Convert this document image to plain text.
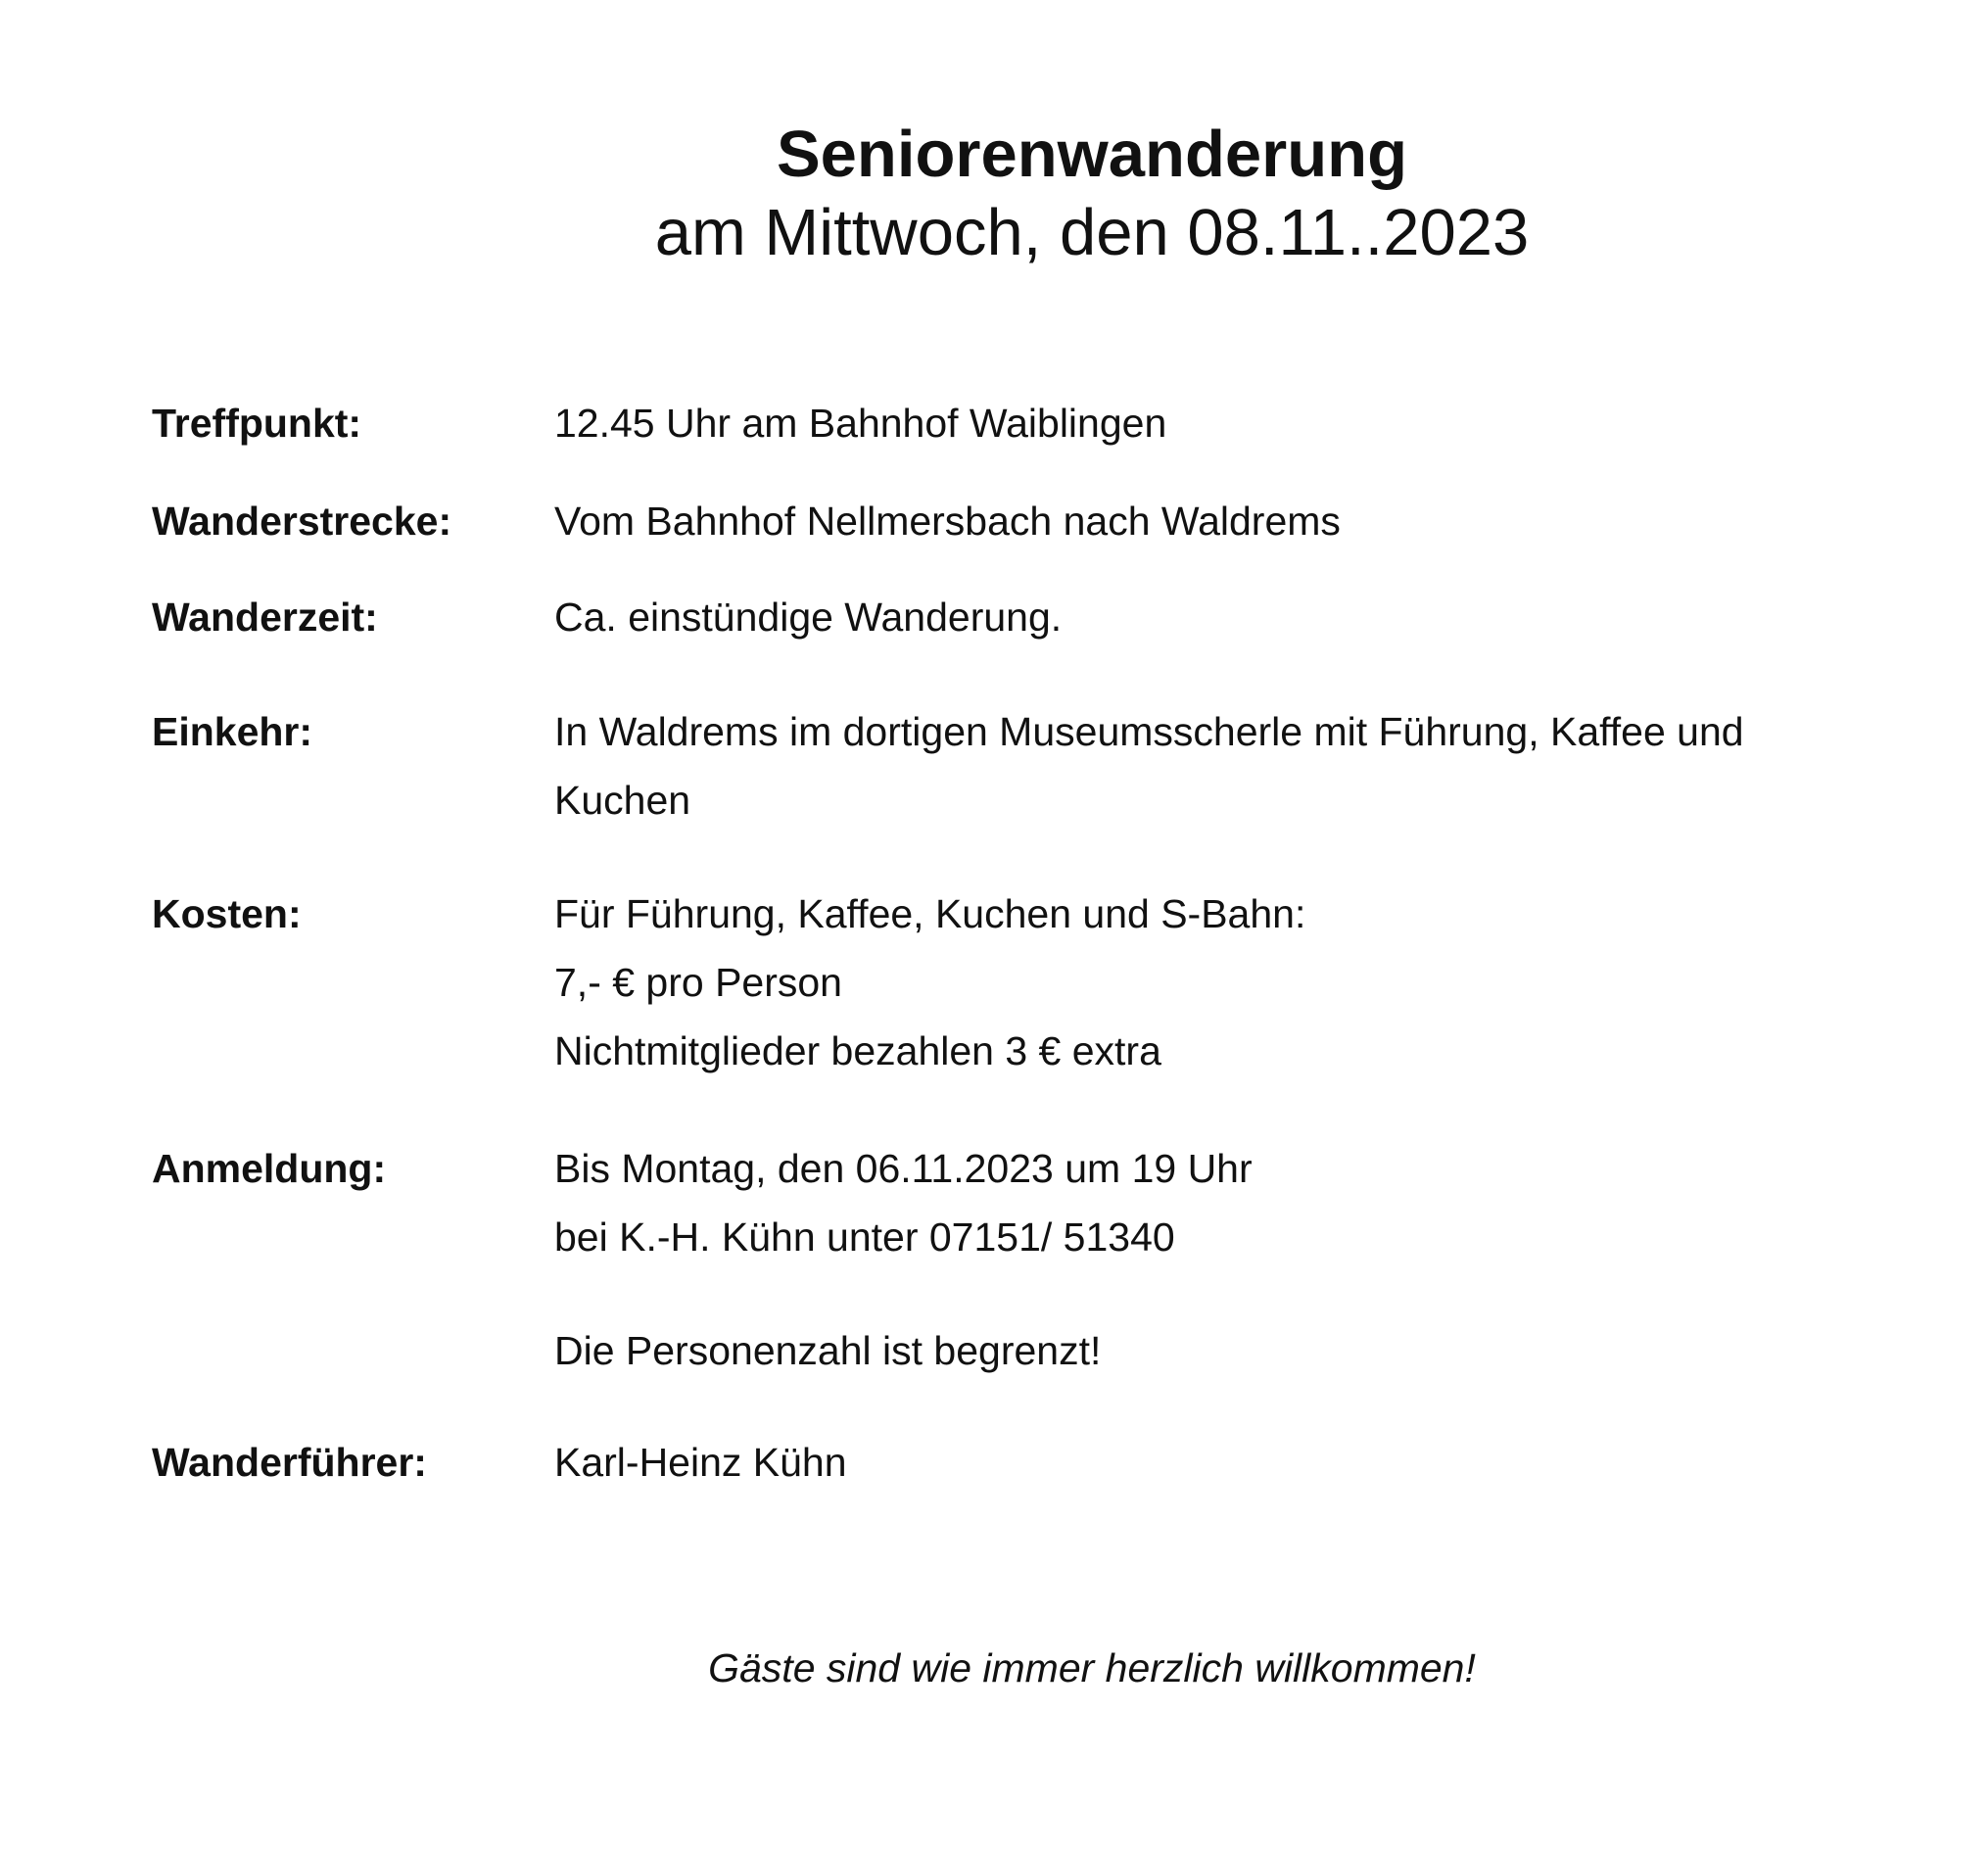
Seniorenwanderung
am Mittwoch, den 08.11..2023
Treffpunkt:	12.45 Uhr am Bahnhof Waiblingen
Wanderstrecke:	Vom Bahnhof Nellmersbach nach Waldrems
Wanderzeit:	Ca. einstündige Wanderung.
Einkehr:	In Waldrems im dortigen Museumsscherle mit Führung, Kaffee und
Kuchen
Kosten:	Für Führung, Kaffee, Kuchen und S-Bahn:
7,- € pro Person
Nichtmitglieder bezahlen 3 € extra
Anmeldung:	Bis Montag, den 06.11.2023 um 19 Uhr
bei K.-H. Kühn unter 07151/ 51340
Die Personenzahl ist begrenzt!
Wanderführer:	Karl-Heinz Kühn
Gäste sind wie immer herzlich willkommen!
